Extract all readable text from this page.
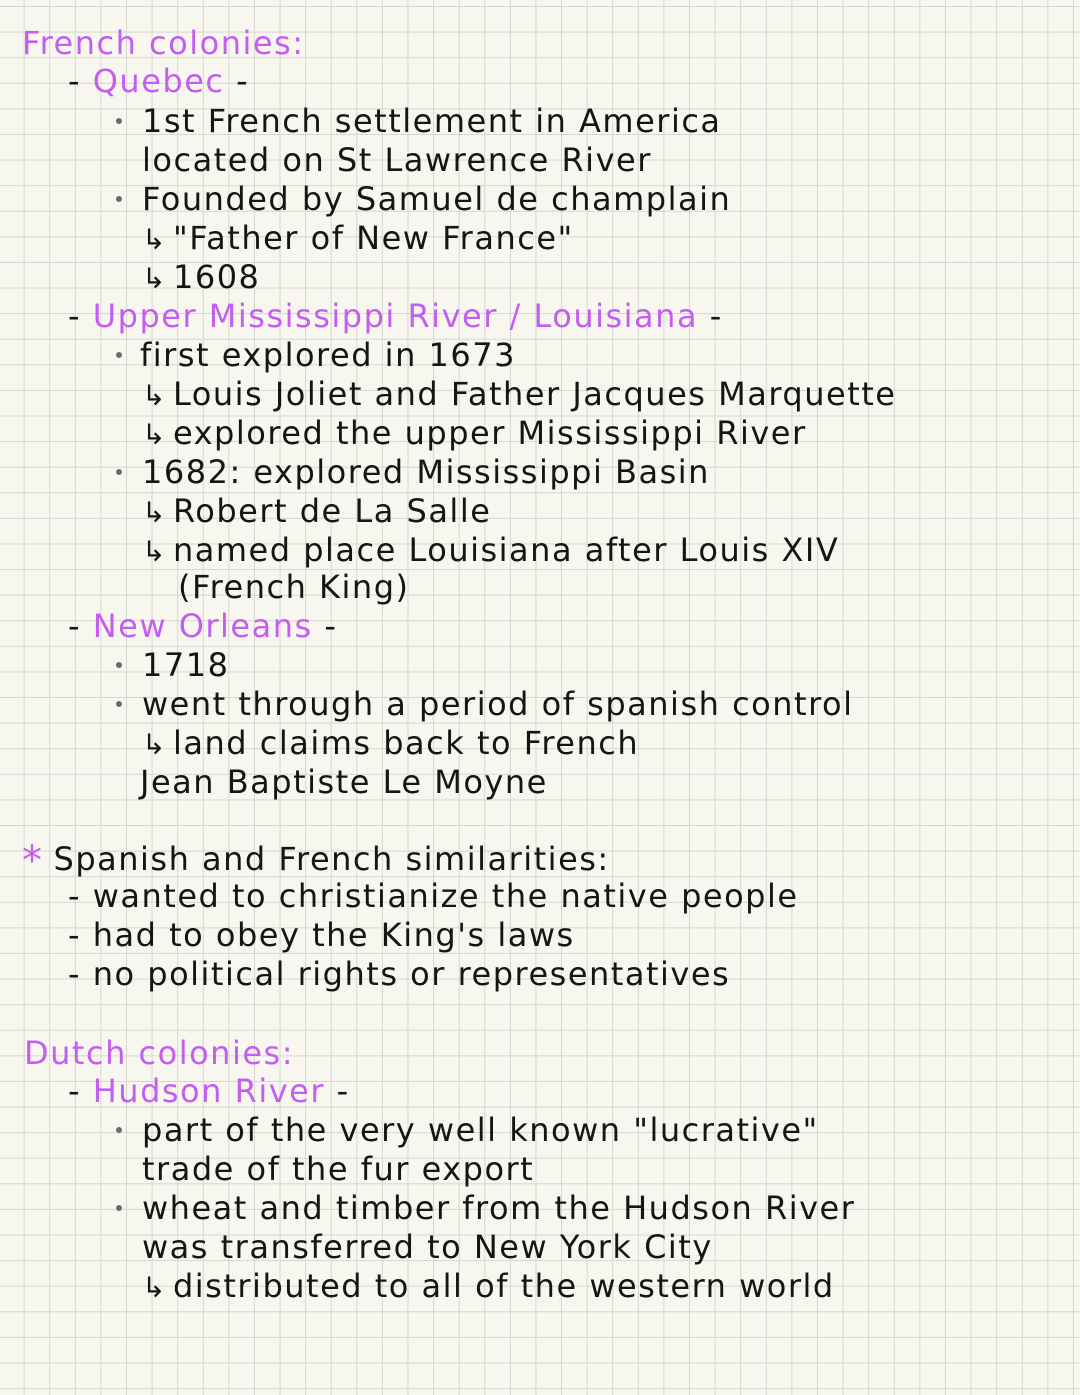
French colonies:
- Quebec -
1st French settlement in America
located on St Lawrence River
Founded by Samuel de champlain
↳ "Father of New France"
↳ 1608
- Upper Mississippi River / Louisiana -
first explored in 1673
↳ Louis Joliet and Father Jacques Marquette
↳ explored the upper Mississippi River
1682: explored Mississippi Basin
↳ Robert de La Salle
↳ named place Louisiana after Louis XIV
(French King)
- New Orleans -
1718
went through a period of spanish control
↳ land claims back to French
Jean Baptiste Le Moyne
* Spanish and French similarities:
- wanted to christianize the native people
- had to obey the King's laws
- no political rights or representatives
Dutch colonies:
- Hudson River -
part of the very well known "lucrative"
trade of the fur export
wheat and timber from the Hudson River
was transferred to New York City
↳ distributed to all of the western world
